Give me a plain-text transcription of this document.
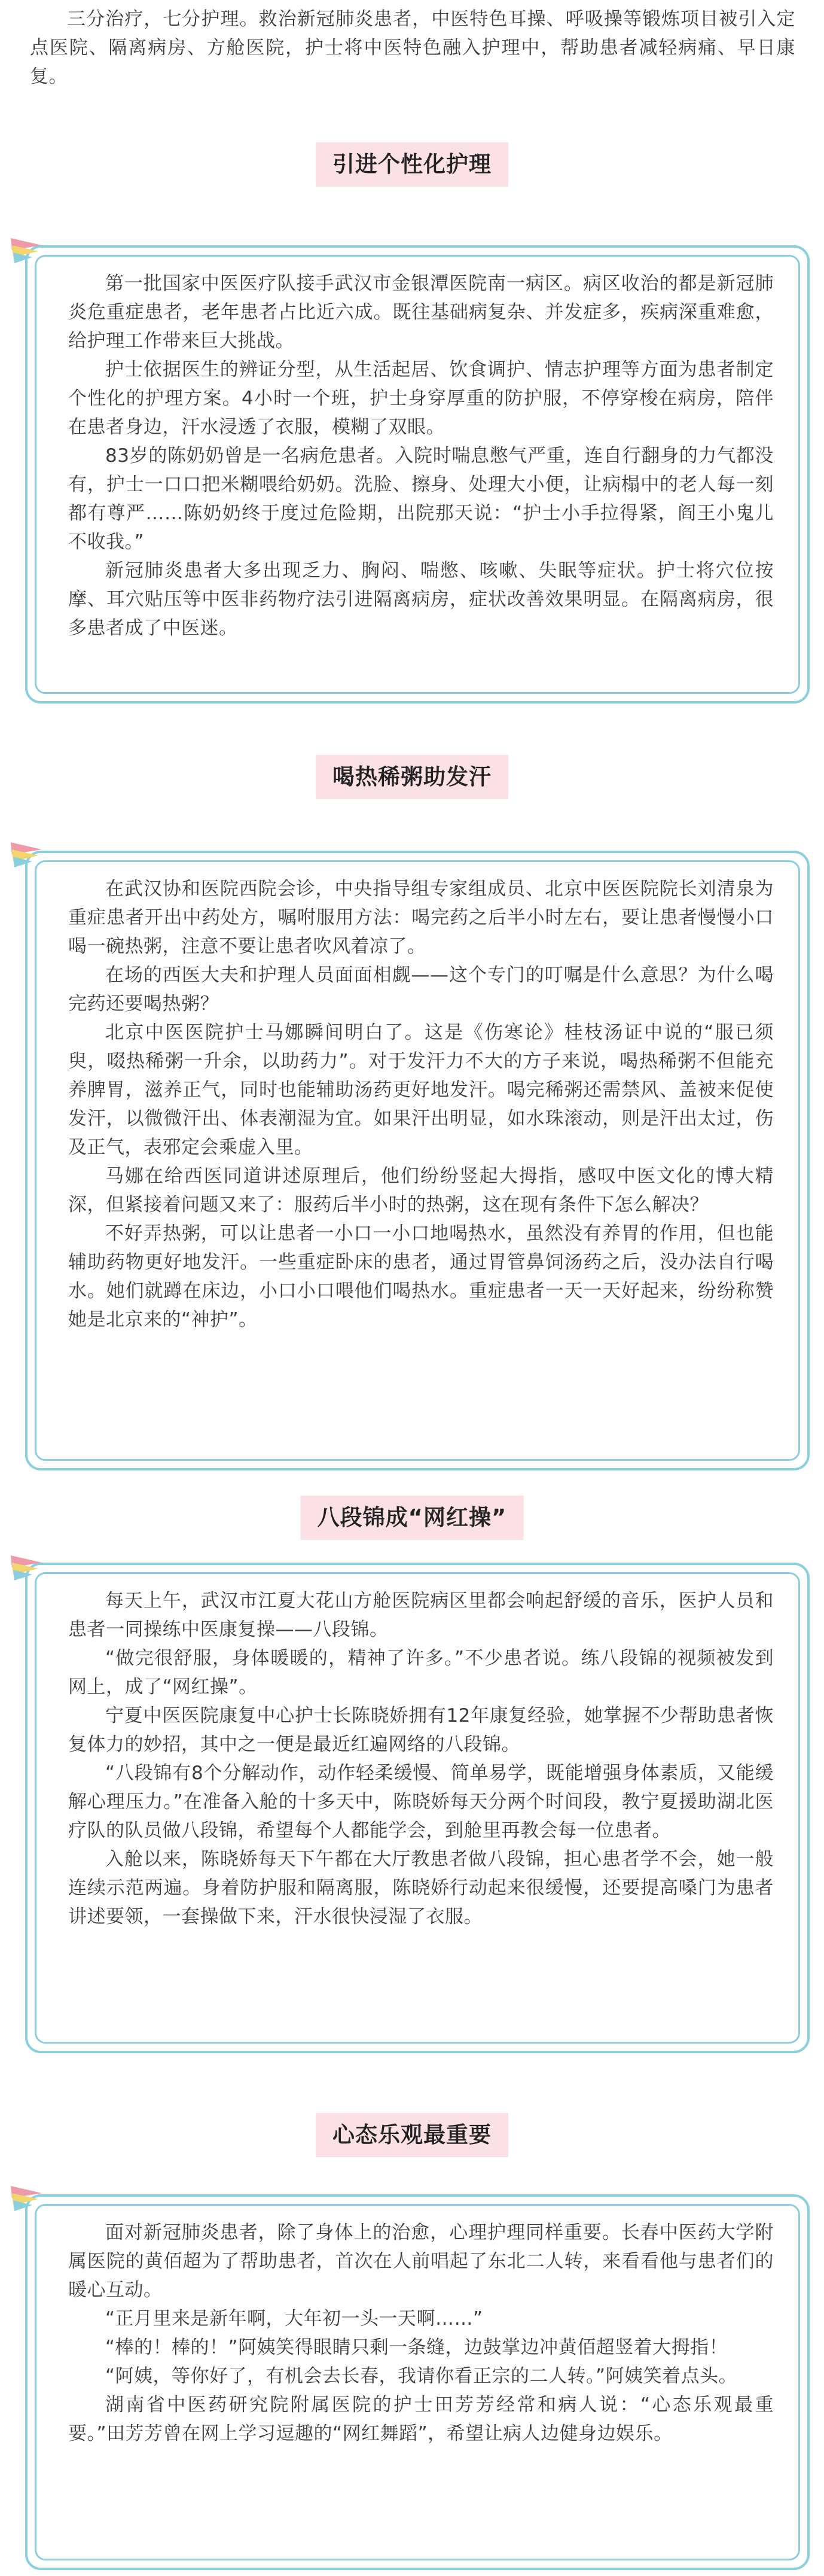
三分治疗，七分护理。救治新冠肺炎患者，中医特色耳操、呼吸操等锻炼项目被引入定点医院、隔离病房、方舱医院，护士将中医特色融入护理中，帮助患者减轻病痛、早日康复。
引进个性化护理

第一批国家中医医疗队接手武汉市金银潭医院南一病区。病区收治的都是新冠肺炎危重症患者，老年患者占比近六成。既往基础病复杂、并发症多，疾病深重难愈，给护理工作带来巨大挑战。

护士依据医生的辨证分型，从生活起居、饮食调护、情志护理等方面为患者制定个性化的护理方案。4小时一个班，护士身穿厚重的防护服，不停穿梭在病房，陪伴在患者身边，汗水浸透了衣服，模糊了双眼。

83岁的陈奶奶曾是一名病危患者。入院时喘息憋气严重，连自行翻身的力气都没有，护士一口口把米糊喂给奶奶。洗脸、擦身、处理大小便，让病榻中的老人每一刻都有尊严……陈奶奶终于度过危险期，出院那天说：“护士小手拉得紧，阎王小鬼儿不收我。”

新冠肺炎患者大多出现乏力、胸闷、喘憋、咳嗽、失眠等症状。护士将穴位按摩、耳穴贴压等中医非药物疗法引进隔离病房，症状改善效果明显。在隔离病房，很多患者成了中医迷。

喝热稀粥助发汗

在武汉协和医院西院会诊，中央指导组专家组成员、北京中医医院院长刘清泉为重症患者开出中药处方，嘱咐服用方法：喝完药之后半小时左右，要让患者慢慢小口喝一碗热粥，注意不要让患者吹风着凉了。

在场的西医大夫和护理人员面面相觑——这个专门的叮嘱是什么意思？为什么喝完药还要喝热粥？

北京中医医院护士马娜瞬间明白了。这是《伤寒论》桂枝汤证中说的“服已须臾，啜热稀粥一升余，以助药力”。对于发汗力不大的方子来说，喝热稀粥不但能充养脾胃，滋养正气，同时也能辅助汤药更好地发汗。喝完稀粥还需禁风、盖被来促使发汗，以微微汗出、体表潮湿为宜。如果汗出明显，如水珠滚动，则是汗出太过，伤及正气，表邪定会乘虚入里。

马娜在给西医同道讲述原理后，他们纷纷竖起大拇指，感叹中医文化的博大精深，但紧接着问题又来了：服药后半小时的热粥，这在现有条件下怎么解决？

不好弄热粥，可以让患者一小口一小口地喝热水，虽然没有养胃的作用，但也能辅助药物更好地发汗。一些重症卧床的患者，通过胃管鼻饲汤药之后，没办法自行喝水。她们就蹲在床边，小口小口喂他们喝热水。重症患者一天一天好起来，纷纷称赞她是北京来的“神护”。

八段锦成“网红操”

每天上午，武汉市江夏大花山方舱医院病区里都会响起舒缓的音乐，医护人员和患者一同操练中医康复操——八段锦。

“做完很舒服，身体暖暖的，精神了许多。”不少患者说。练八段锦的视频被发到网上，成了“网红操”。

宁夏中医医院康复中心护士长陈晓娇拥有12年康复经验，她掌握不少帮助患者恢复体力的妙招，其中之一便是最近红遍网络的八段锦。

“八段锦有8个分解动作，动作轻柔缓慢、简单易学，既能增强身体素质，又能缓解心理压力。”在准备入舱的十多天中，陈晓娇每天分两个时间段，教宁夏援助湖北医疗队的队员做八段锦，希望每个人都能学会，到舱里再教会每一位患者。

入舱以来，陈晓娇每天下午都在大厅教患者做八段锦，担心患者学不会，她一般连续示范两遍。身着防护服和隔离服，陈晓娇行动起来很缓慢，还要提高嗓门为患者讲述要领，一套操做下来，汗水很快浸湿了衣服。

心态乐观最重要

面对新冠肺炎患者，除了身体上的治愈，心理护理同样重要。长春中医药大学附属医院的黄佰超为了帮助患者，首次在人前唱起了东北二人转，来看看他与患者们的暖心互动。

“正月里来是新年啊，大年初一头一天啊……”

“棒的！棒的！”阿姨笑得眼睛只剩一条缝，边鼓掌边冲黄佰超竖着大拇指！

“阿姨，等你好了，有机会去长春，我请你看正宗的二人转。”阿姨笑着点头。

湖南省中医药研究院附属医院的护士田芳芳经常和病人说：“心态乐观最重要。”田芳芳曾在网上学习逗趣的“网红舞蹈”，希望让病人边健身边娱乐。
